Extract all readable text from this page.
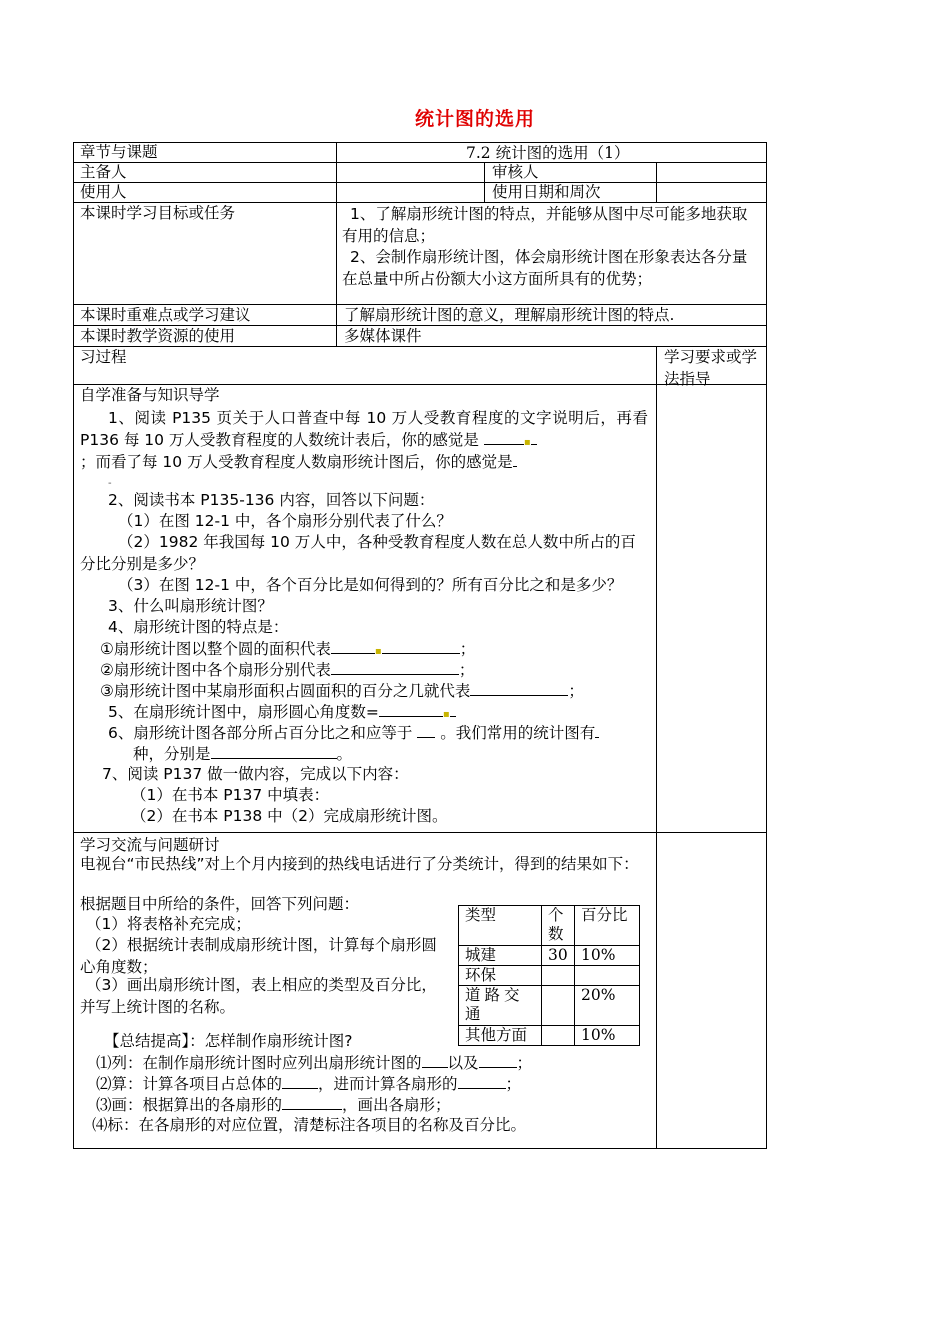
统计图的选用
章节与课题	7.2 统计图的选用（1）
主备人	审核人
使用人	使用日期和周次
本课时学习目标或任务	1、了解扇形统计图的特点，并能够从图中尽可能多地获取有用的信息；
2、会制作扇形统计图，体会扇形统计图在形象表达各分量在总量中所占份额大小这方面所具有的优势；
本课时重难点或学习建议	了解扇形统计图的意义，理解扇形统计图的特点.
本课时教学资源的使用	多媒体课件
习过程	学习要求或学法指导
自学准备与知识导学
1、阅读 P135 页关于人口普查中每 10 万人受教育程度的文字说明后，再看 P136 每 10 万人受教育程度的人数统计表后，你的感觉是	▪
；而看了每 10 万人受教育程度人数扇形统计图后，你的感觉是
-
2、阅读书本 P135-136 内容，回答以下问题：
（1）在图 12-1 中，各个扇形分别代表了什么？
（2）1982 年我国每 10 万人中，各种受教育程度人数在总人数中所占的百分比分别是多少？
（3）在图 12-1 中，各个百分比是如何得到的？所有百分比之和是多少？
3、什么叫扇形统计图？
4、扇形统计图的特点是：
①扇形统计图以整个圆的面积代表	▪	；
②扇形统计图中各个扇形分别代表	；
③扇形统计图中某扇形面积占圆面积的百分之几就代表	；
5、在扇形统计图中，扇形圆心角度数=	▪
6、扇形统计图各部分所占百分比之和应等于 。我们常用的统计图有
种，分别是	。
7、阅读 P137 做一做内容，完成以下内容：
（1）在书本 P137 中填表：
（2）在书本 P138 中（2）完成扇形统计图。
学习交流与问题研讨
电视台“市民热线”对上个月内接到的热线电话进行了分类统计，得到的结果如下：
根据题目中所给的条件，回答下列问题：
（1）将表格补充完成；
（2）根据统计表制成扇形统计图，计算每个扇形圆心角度数；
（3）画出扇形统计图，表上相应的类型及百分比，并写上统计图的名称。
类型	个数	百分比
城建	30	10%
环保		
道路交通		20%
其他方面		10%
【总结提高】：怎样制作扇形统计图?
⑴列：在制作扇形统计图时应列出扇形统计图的 以及 ；
⑵算：计算各项目占总体的 ，进而计算各扇形的	；
⑶画：根据算出的各扇形的	，画出各扇形；
⑷标：在各扇形的对应位置，清楚标注各项目的名称及百分比。
